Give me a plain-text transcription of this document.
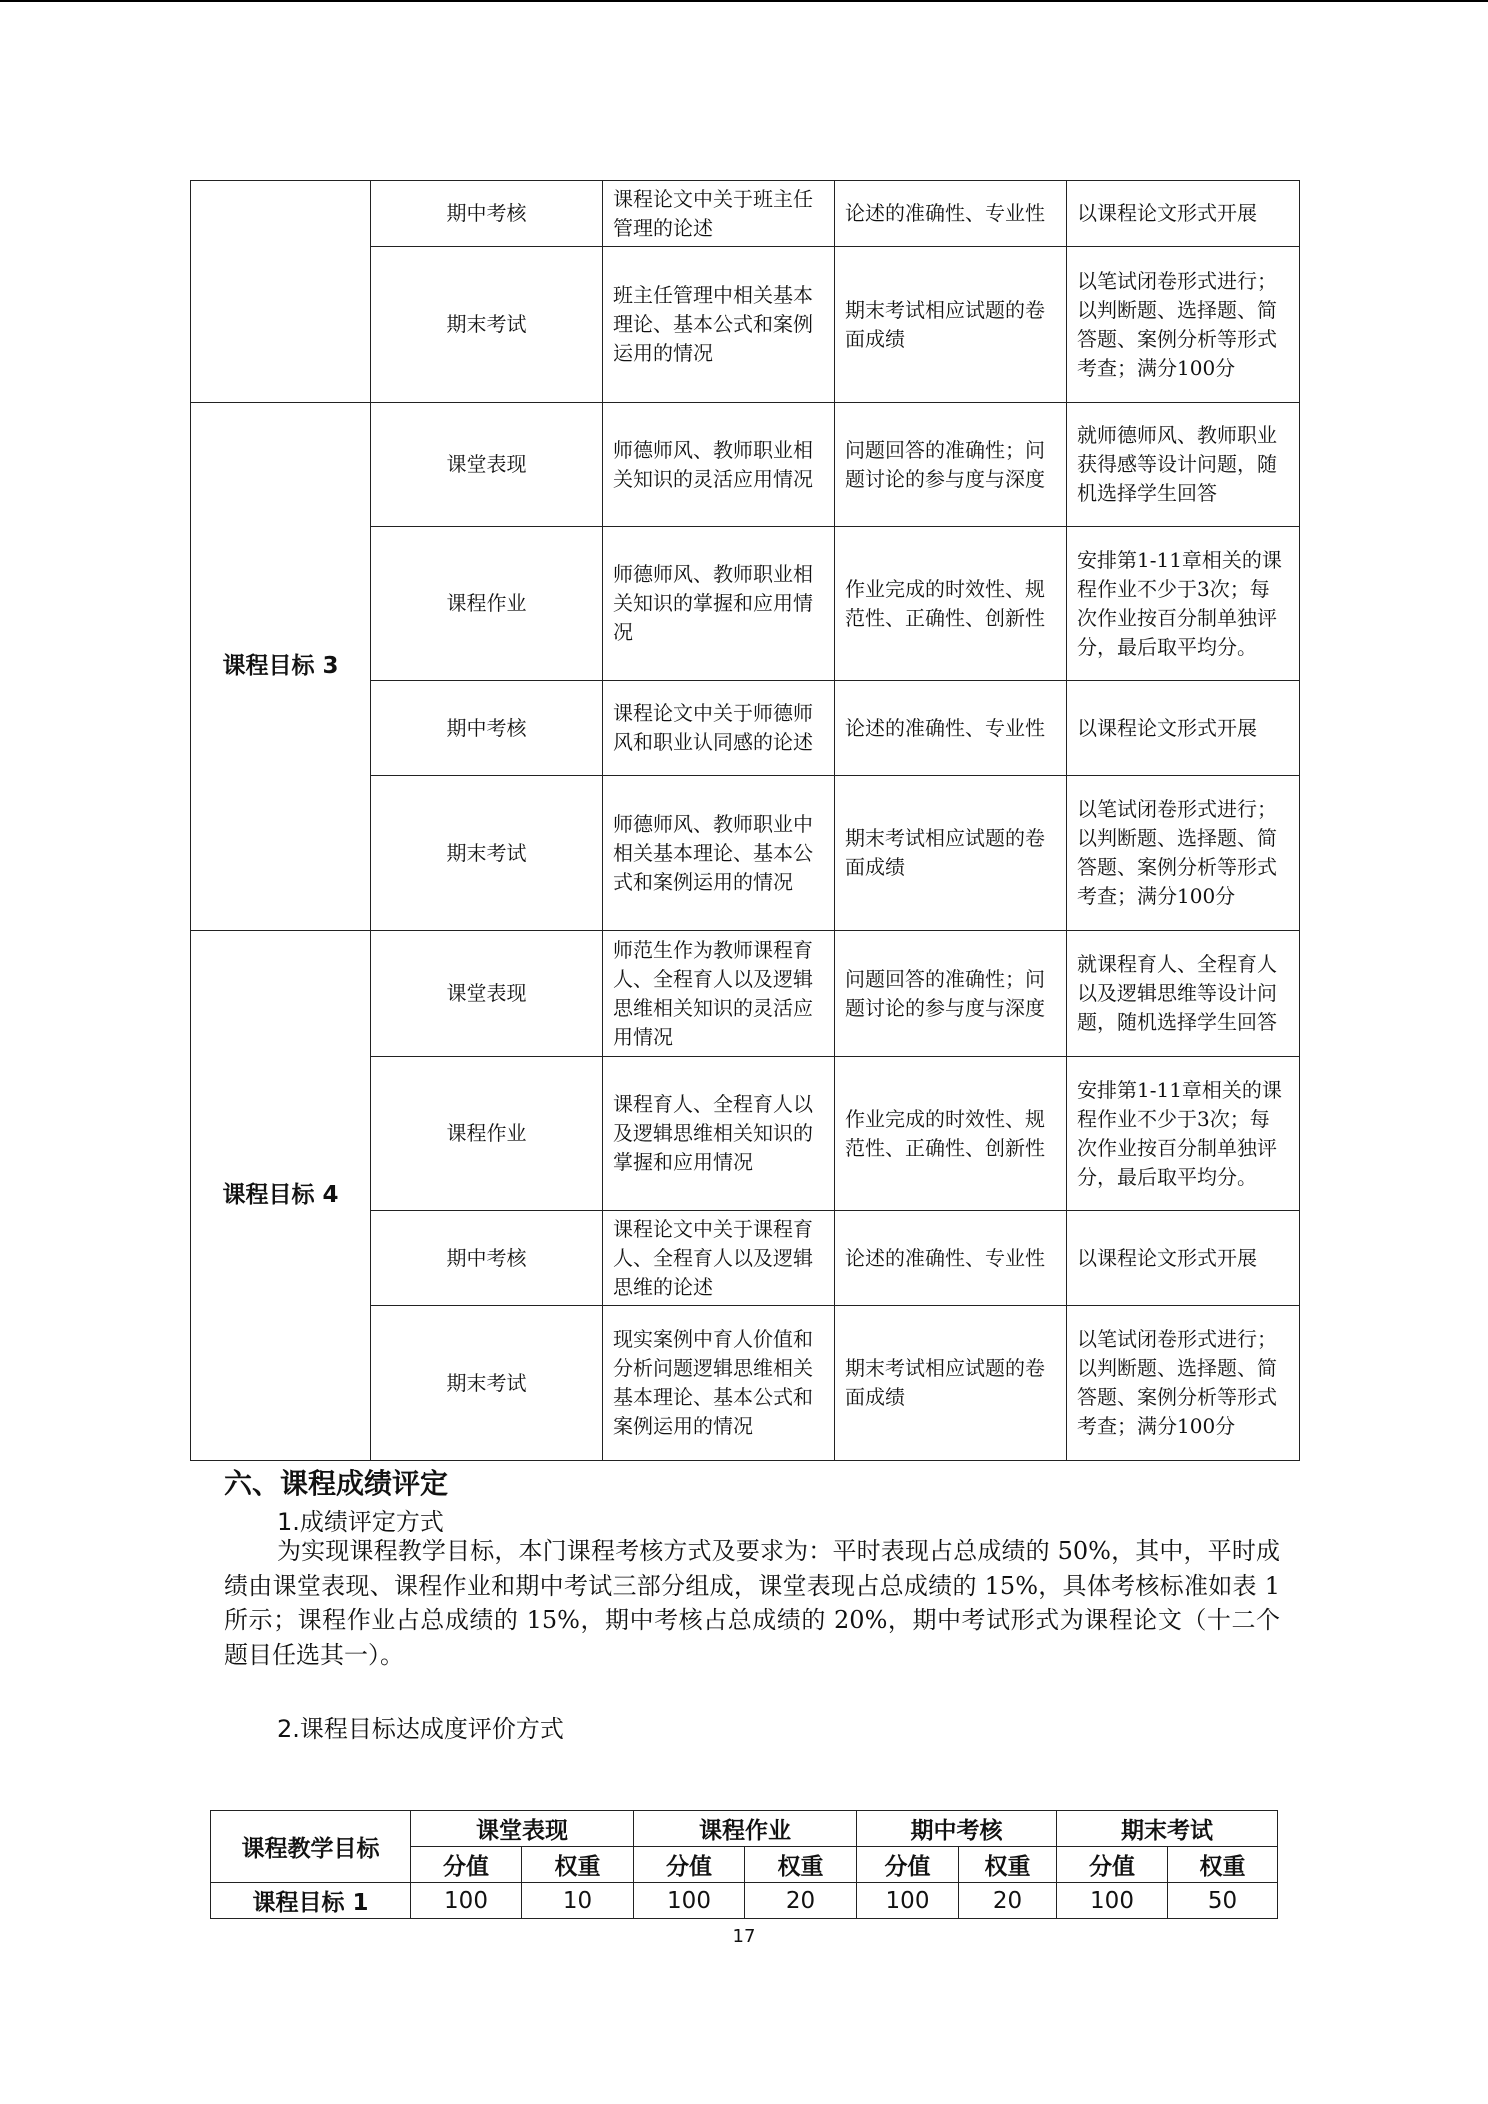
	期中考核	课程论文中关于班主任管理的论述	论述的准确性、专业性	以课程论文形式开展
	期末考试	班主任管理中相关基本理论、基本公式和案例运用的情况	期末考试相应试题的卷面成绩	以笔试闭卷形式进行；以判断题、选择题、简答题、案例分析等形式考查；满分100分
课程目标 3	课堂表现	师德师风、教师职业相关知识的灵活应用情况	问题回答的准确性；问题讨论的参与度与深度	就师德师风、教师职业获得感等设计问题，随机选择学生回答
	课程作业	师德师风、教师职业相关知识的掌握和应用情况	作业完成的时效性、规范性、正确性、创新性	安排第1-11章相关的课程作业不少于3次；每次作业按百分制单独评分，最后取平均分。
	期中考核	课程论文中关于师德师风和职业认同感的论述	论述的准确性、专业性	以课程论文形式开展
	期末考试	师德师风、教师职业中相关基本理论、基本公式和案例运用的情况	期末考试相应试题的卷面成绩	以笔试闭卷形式进行；以判断题、选择题、简答题、案例分析等形式考查；满分100分
课程目标 4	课堂表现	师范生作为教师课程育人、全程育人以及逻辑思维相关知识的灵活应用情况	问题回答的准确性；问题讨论的参与度与深度	就课程育人、全程育人以及逻辑思维等设计问题，随机选择学生回答
	课程作业	课程育人、全程育人以及逻辑思维相关知识的掌握和应用情况	作业完成的时效性、规范性、正确性、创新性	安排第1-11章相关的课程作业不少于3次；每次作业按百分制单独评分，最后取平均分。
	期中考核	课程论文中关于课程育人、全程育人以及逻辑思维的论述	论述的准确性、专业性	以课程论文形式开展
	期末考试	现实案例中育人价值和分析问题逻辑思维相关基本理论、基本公式和案例运用的情况	期末考试相应试题的卷面成绩	以笔试闭卷形式进行；以判断题、选择题、简答题、案例分析等形式考查；满分100分
六、课程成绩评定
1.成绩评定方式
为实现课程教学目标，本门课程考核方式及要求为：平时表现占总成绩的 50%，其中，平时成绩由课堂表现、课程作业和期中考试三部分组成，课堂表现占总成绩的 15%，具体考核标准如表 1 所示；课程作业占总成绩的 15%，期中考核占总成绩的 20%，期中考试形式为课程论文（十二个题目任选其一）。
2.课程目标达成度评价方式
课程教学目标	课堂表现		课程作业		期中考核		期末考试	
	分值	权重	分值	权重	分值	权重	分值	权重
课程目标 1	100	10	100	20	100	20	100	50
17
